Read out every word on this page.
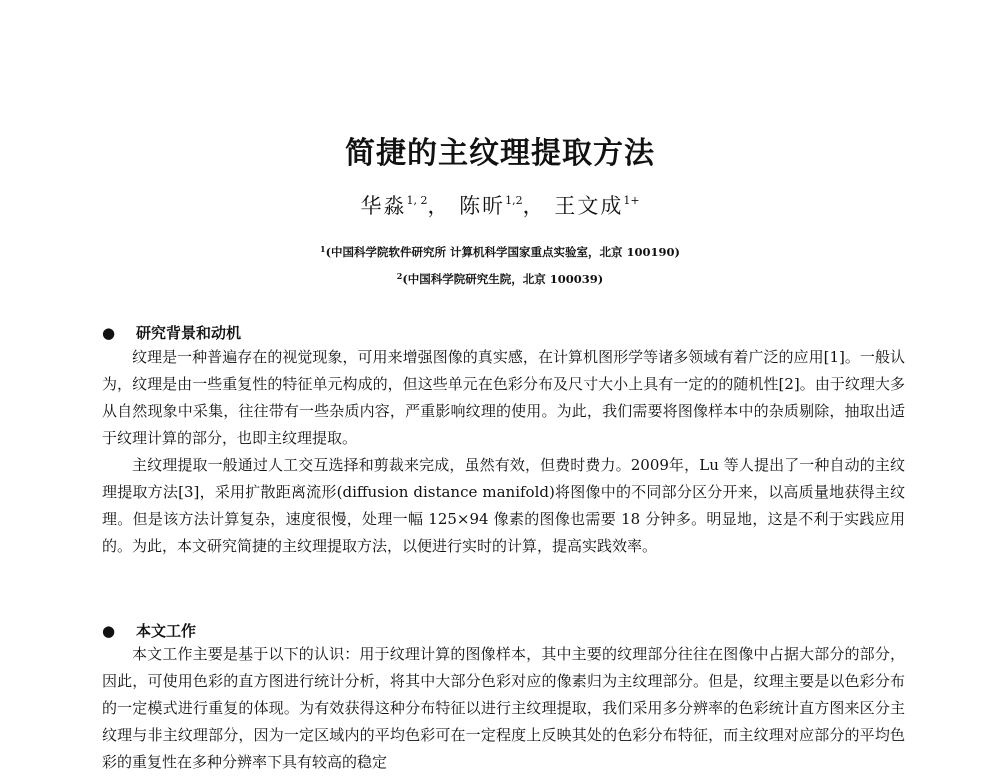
简捷的主纹理提取方法
华淼$^{1, 2}$， 陈昕$^{1,2}$， 王文成$^{1+}$
$^1$(中国科学院软件研究所 计算机科学国家重点实验室，北京 100190)
$^2$(中国科学院研究生院，北京 100039)
● 研究背景和动机

纹理是一种普遍存在的视觉现象，可用来增强图像的真实感，在计算机图形学等诸多领域有着广泛的应用[1]。一般认为，纹理是由一些重复性的特征单元构成的，但这些单元在色彩分布及尺寸大小上具有一定的的随机性[2]。由于纹理大多从自然现象中采集，往往带有一些杂质内容，严重影响纹理的使用。为此，我们需要将图像样本中的杂质剔除，抽取出适于纹理计算的部分，也即主纹理提取。

主纹理提取一般通过人工交互选择和剪裁来完成，虽然有效，但费时费力。2009年，Lu 等人提出了一种自动的主纹理提取方法[3]，采用扩散距离流形(diffusion distance manifold)将图像中的不同部分区分开来，以高质量地获得主纹理。但是该方法计算复杂，速度很慢，处理一幅 125×94 像素的图像也需要 18 分钟多。明显地，这是不利于实践应用的。为此，本文研究简捷的主纹理提取方法，以便进行实时的计算，提高实践效率。

● 本文工作

本文工作主要是基于以下的认识：用于纹理计算的图像样本，其中主要的纹理部分往往在图像中占据大部分的部分，因此，可使用色彩的直方图进行统计分析，将其中大部分色彩对应的像素归为主纹理部分。但是，纹理主要是以色彩分布的一定模式进行重复的体现。为有效获得这种分布特征以进行主纹理提取，我们采用多分辨率的色彩统计直方图来区分主纹理与非主纹理部分，因为一定区域内的平均色彩可在一定程度上反映其处的色彩分布特征，而主纹理对应部分的平均色彩的重复性在多种分辨率下具有较高的稳定
